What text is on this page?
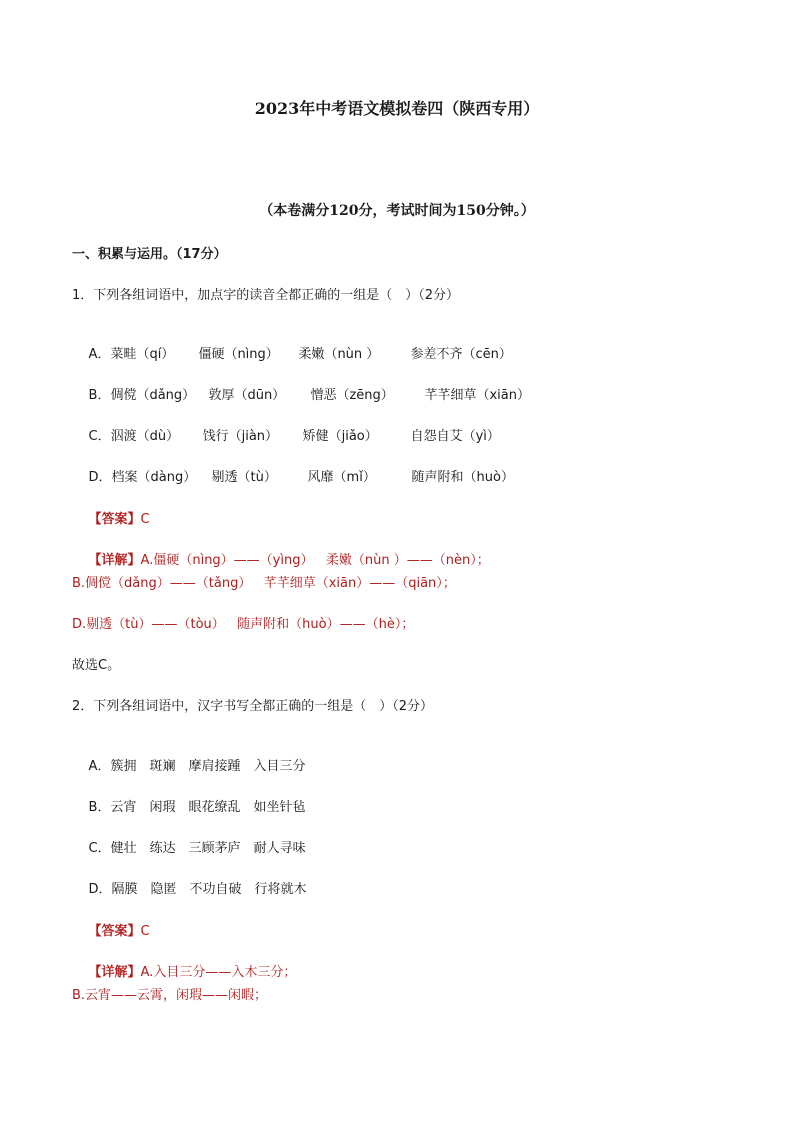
2023年中考语文模拟卷四（陕西专用）
（本卷满分120分，考试时间为150分钟。）
一、积累与运用。（17分）
1．下列各组词语中，加点字的读音全都正确的一组是（　）（2分）

A．菜畦（qí） 僵硬（nìng） 柔嫩（nùn ） 参差不齐（cēn）

B．倜傥（dǎng） 敦厚（dūn） 憎恶（zēng） 芊芊细草（xiān）

C．泅渡（dù） 饯行（jiàn） 矫健（jiǎo）	自怨自艾（yì）

D．档案（dàng） 剔透（tù） 风靡（mǐ）	随声附和（huò）

【答案】C

【详解】A.僵硬（nìng）——（yìng）   柔嫩（nùn ）——（nèn）；

B.倜傥（dǎng）——（tǎng）   芊芊细草（xiān）——（qiān）；
D.剔透（tù）——（tòu）   随声附和（huò）——（hè）；
故选C。
2．下列各组词语中，汉字书写全都正确的一组是（　）（2分）

A．簇拥　斑斓　摩肩接踵　入目三分

B．云宵　闲瑕　眼花缭乱　如坐针毡

C．健壮　练达　三顾茅庐　耐人寻味

D．隔膜　隐匿　不功自破　行将就木

【答案】C

【详解】A.入目三分——入木三分；

B.云宵——云霄，闲瑕——闲暇；
